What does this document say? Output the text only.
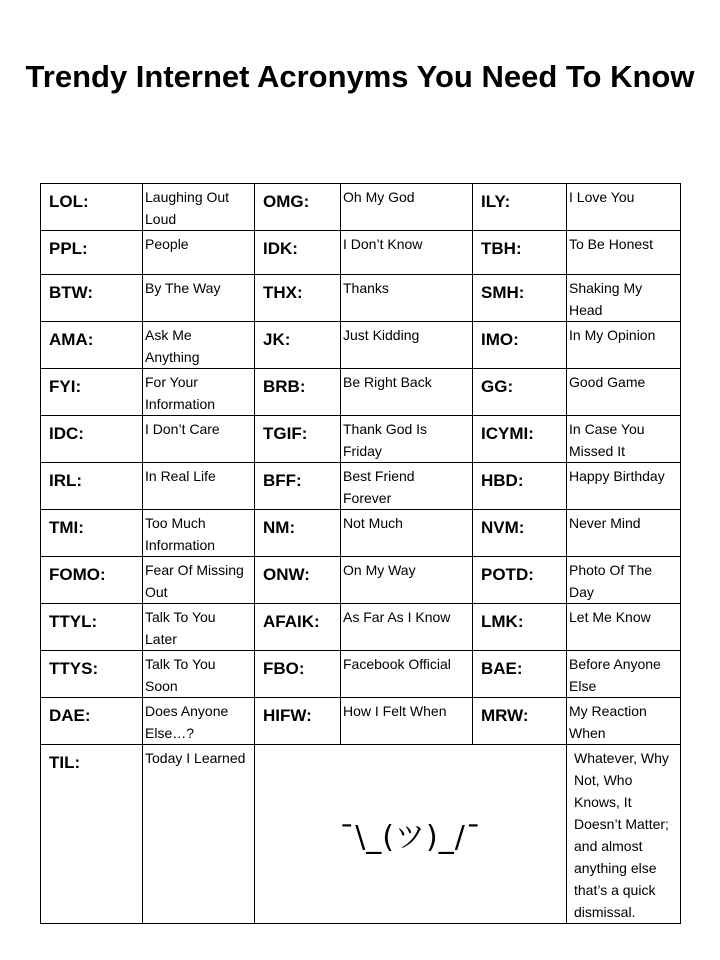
Trendy Internet Acronyms You Need To Know
LOL:	Laughing Out Loud	OMG:	Oh My God	ILY:	I Love You
PPL:	People	IDK:	I Don’t Know	TBH:	To Be Honest
BTW:	By The Way	THX:	Thanks	SMH:	Shaking My Head
AMA:	Ask Me Anything	JK:	Just Kidding	IMO:	In My Opinion
FYI:	For Your Information	BRB:	Be Right Back	GG:	Good Game
IDC:	I Don’t Care	TGIF:	Thank God Is Friday	ICYMI:	In Case You Missed It
IRL:	In Real Life	BFF:	Best Friend Forever	HBD:	Happy Birthday
TMI:	Too Much Information	NM:	Not Much	NVM:	Never Mind
FOMO:	Fear Of Missing Out	ONW:	On My Way	POTD:	Photo Of The Day
TTYL:	Talk To You Later	AFAIK:	As Far As I Know	LMK:	Let Me Know
TTYS:	Talk To You Soon	FBO:	Facebook Official	BAE:	Before Anyone Else
DAE:	Does Anyone Else…?	HIFW:	How I Felt When	MRW:	My Reaction When
TIL:	Today I Learned	¯\_(ツ)_/¯			Whatever, Why Not, Who Knows, It Doesn’t Matter; and almost anything else that’s a quick dismissal.
